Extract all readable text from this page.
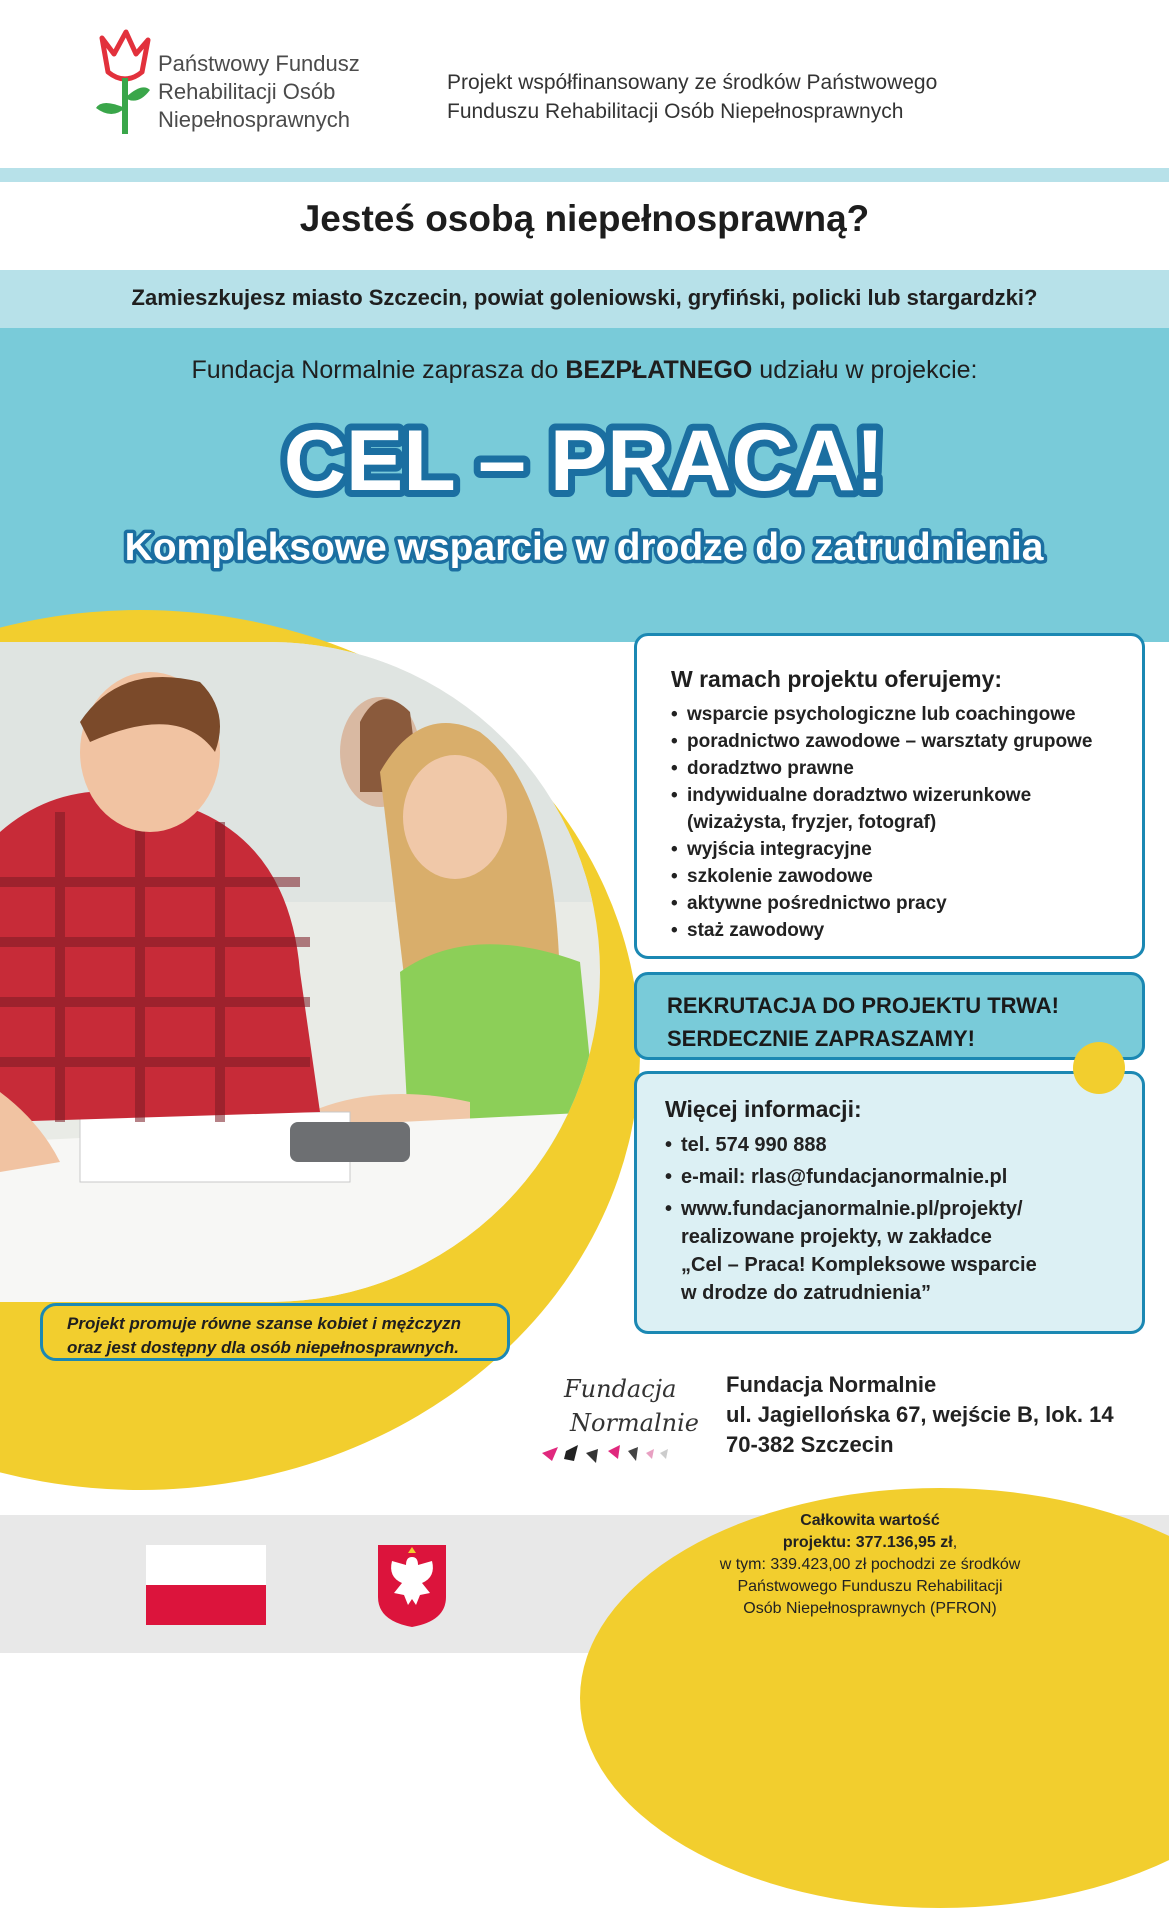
Państwowy Fundusz
Rehabilitacji Osób
Niepełnosprawnych
Projekt współfinansowany ze środków Państwowego
Funduszu Rehabilitacji Osób Niepełnosprawnych
Jesteś osobą niepełnosprawną?
Zamieszkujesz miasto Szczecin, powiat goleniowski, gryfiński, policki lub stargardzki?
Fundacja Normalnie zaprasza do BEZPŁATNEGO udziału w projekcie:
CEL – PRACA!
Kompleksowe wsparcie w drodze do zatrudnienia
Projekt promuje równe szanse kobiet i mężczyzn
oraz jest dostępny dla osób niepełnosprawnych.
W ramach projektu oferujemy:
• wsparcie psychologiczne lub coachingowe
• poradnictwo zawodowe – warsztaty grupowe
• doradztwo prawne
• indywidualne doradztwo wizerunkowe
(wizażysta, fryzjer, fotograf)
• wyjścia integracyjne
• szkolenie zawodowe
• aktywne pośrednictwo pracy
• staż zawodowy
REKRUTACJA DO PROJEKTU TRWA!
SERDECZNIE ZAPRASZAMY!
Więcej informacji:
• tel. 574 990 888
• e-mail: rlas@fundacjanormalnie.pl
• www.fundacjanormalnie.pl/projekty/
realizowane projekty, w zakładce
„Cel – Praca! Kompleksowe wsparcie
w drodze do zatrudnienia”
Fundacja
Normalnie
Fundacja Normalnie
ul. Jagiellońska 67, wejście B, lok. 14
70-382 Szczecin
Całkowita wartość
projektu: 377.136,95 zł,
w tym: 339.423,00 zł pochodzi ze środków
Państwowego Funduszu Rehabilitacji
Osób Niepełnosprawnych (PFRON)
